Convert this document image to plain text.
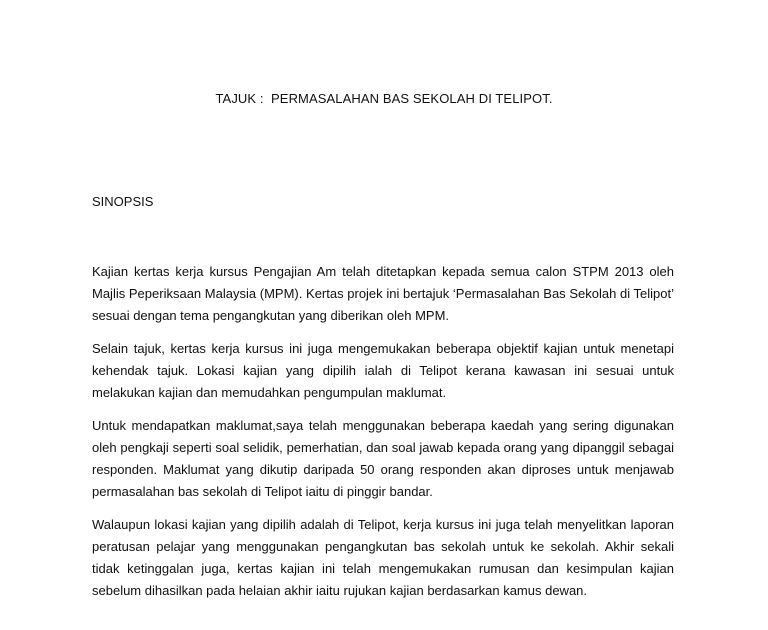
TAJUK :  PERMASALAHAN BAS SEKOLAH DI TELIPOT.
SINOPSIS

Kajian kertas kerja kursus Pengajian Am telah ditetapkan kepada semua calon STPM 2013 oleh Majlis Peperiksaan Malaysia (MPM). Kertas projek ini bertajuk ‘Permasalahan Bas Sekolah di Telipot’ sesuai dengan tema pengangkutan yang diberikan oleh MPM.

Selain tajuk, kertas kerja kursus ini juga mengemukakan beberapa objektif kajian untuk menetapi kehendak tajuk. Lokasi kajian yang dipilih ialah di Telipot kerana kawasan ini sesuai untuk melakukan kajian dan memudahkan pengumpulan maklumat.

Untuk mendapatkan maklumat,saya telah menggunakan beberapa kaedah yang sering digunakan oleh pengkaji seperti soal selidik, pemerhatian, dan soal jawab kepada orang yang dipanggil sebagai responden. Maklumat yang dikutip daripada 50 orang responden akan diproses untuk menjawab permasalahan bas sekolah di Telipot iaitu di pinggir bandar.

Walaupun lokasi kajian yang dipilih adalah di Telipot, kerja kursus ini juga telah menyelitkan laporan peratusan pelajar yang menggunakan pengangkutan bas sekolah untuk ke sekolah. Akhir sekali tidak ketinggalan juga, kertas kajian ini telah mengemukakan rumusan dan kesimpulan kajian sebelum dihasilkan pada helaian akhir iaitu rujukan kajian berdasarkan kamus dewan.
